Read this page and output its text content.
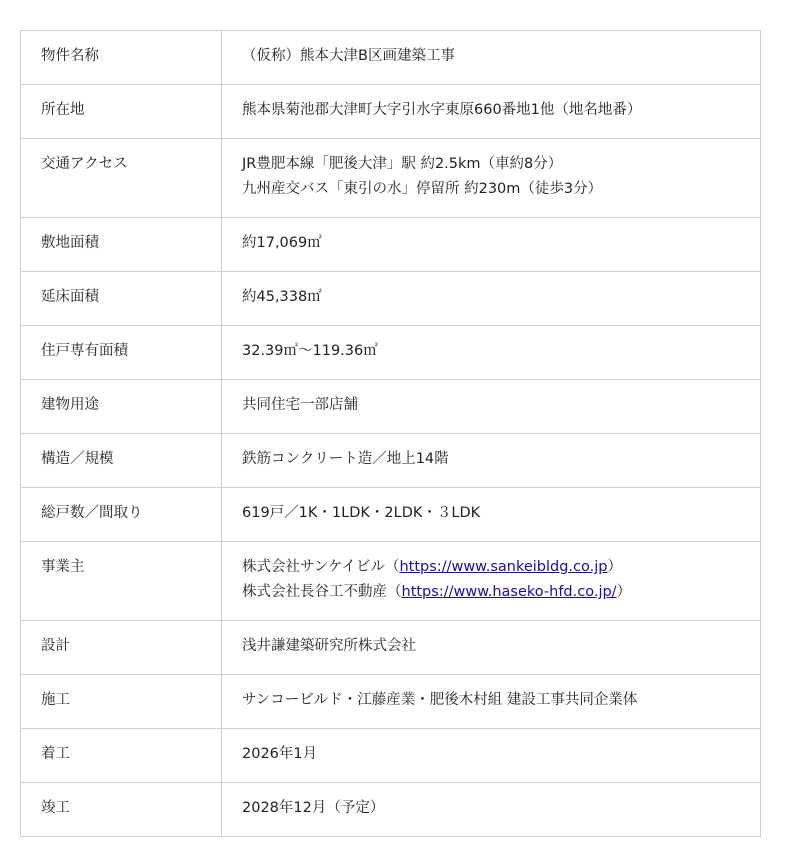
物件名称	（仮称）熊本大津B区画建築工事

所在地	熊本県菊池郡大津町大字引水字東原660番地1他（地名地番）

交通アクセス	JR豊肥本線「肥後大津」駅 約2.5km（車約8分）
九州産交バス「東引の水」停留所 約230m（徒歩3分）

敷地面積	約17,069㎡

延床面積	約45,338㎡

住戸専有面積	32.39㎡～119.36㎡

建物用途	共同住宅一部店舗

構造／規模	鉄筋コンクリート造／地上14階

総戸数／間取り	619戸／1K・1LDK・2LDK・３LDK

事業主	株式会社サンケイビル（https://www.sankeibldg.co.jp）
株式会社長谷工不動産（https://www.haseko-hfd.co.jp/）

設計	浅井謙建築研究所株式会社

施工	サンコービルド・江藤産業・肥後木村組 建設工事共同企業体

着工	2026年1月

竣工	2028年12月（予定）
